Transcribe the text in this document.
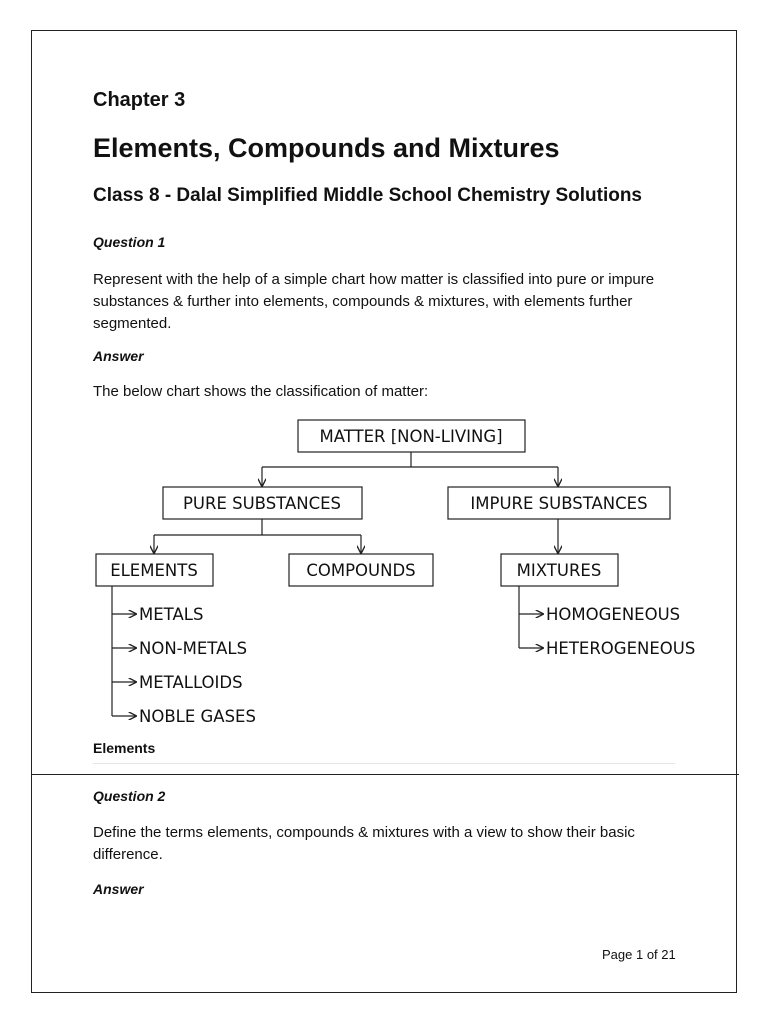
Chapter 3
Elements, Compounds and Mixtures
Class 8 - Dalal Simplified Middle School Chemistry Solutions

Question 1

Represent with the help of a simple chart how matter is classified into pure or impure substances & further into elements, compounds & mixtures, with elements further segmented.

Answer

The below chart shows the classification of matter:

MATTER [NON-LIVING]
PURE SUBSTANCES	IMPURE SUBSTANCES
ELEMENTS	COMPOUNDS	MIXTURES
METALS
NON-METALS
METALLOIDS
NOBLE GASES
HOMOGENEOUS
HETEROGENEOUS

Elements

Question 2

Define the terms elements, compounds & mixtures with a view to show their basic difference.

Answer

Page 1 of 21
